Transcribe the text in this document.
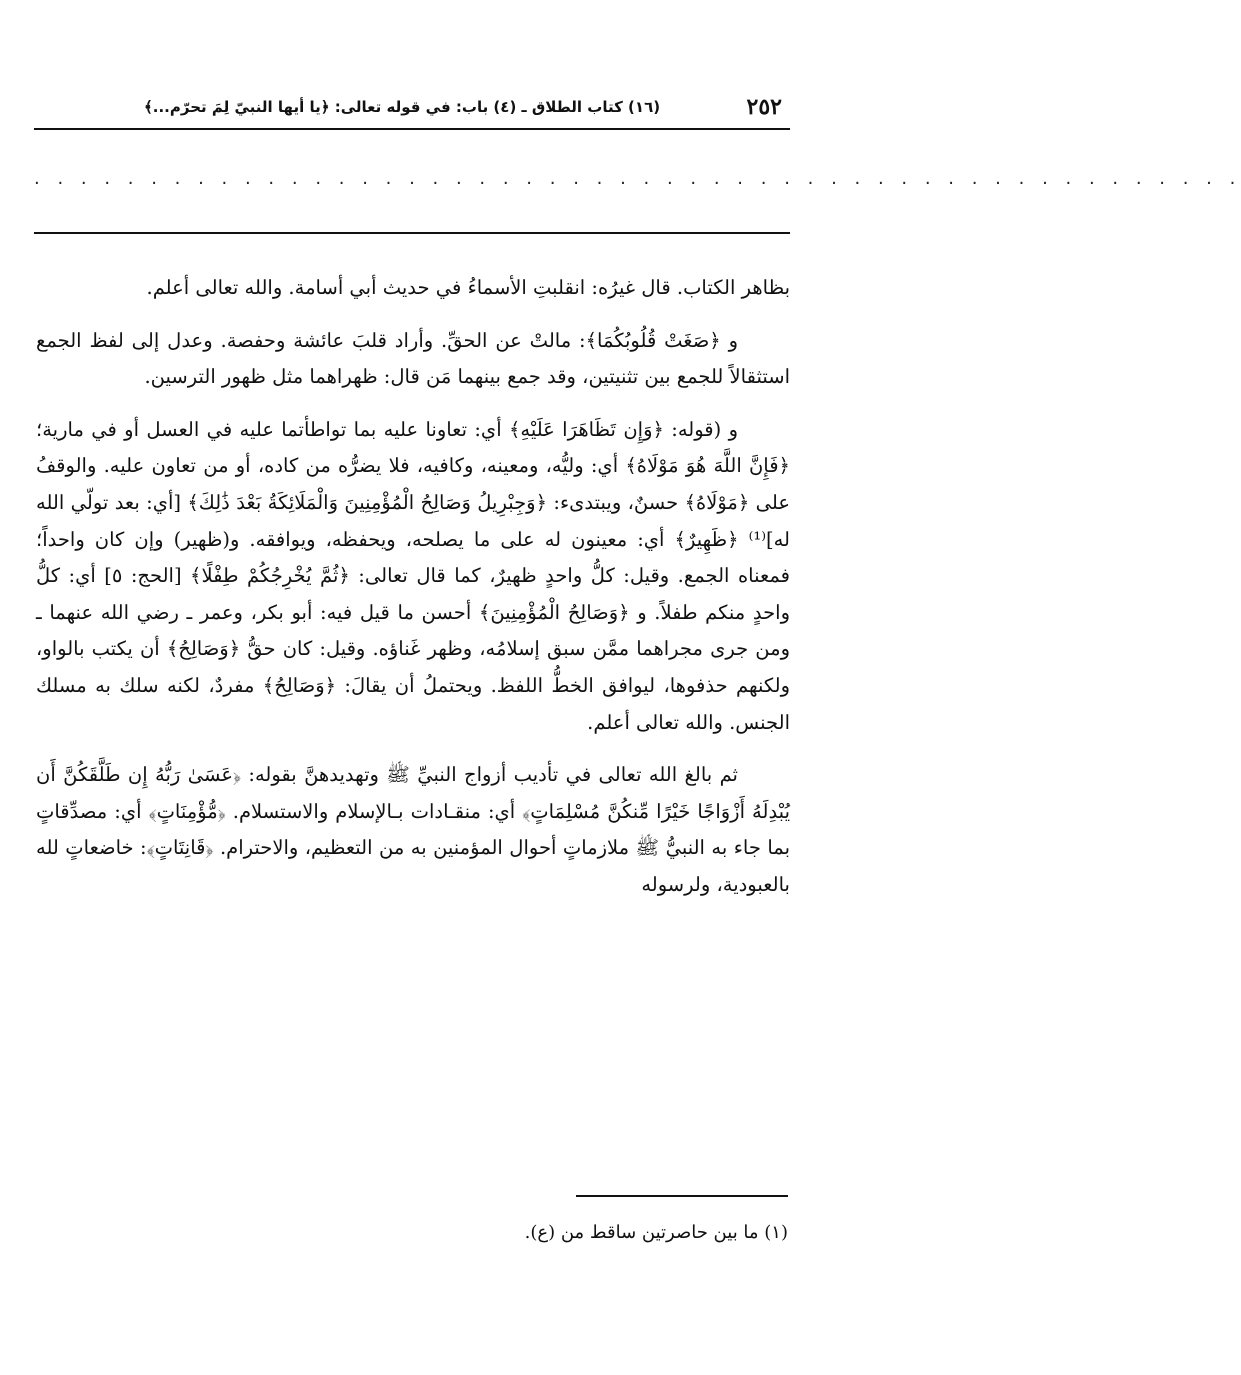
٢٥٢
(١٦) كتاب الطلاق ـ (٤) باب: في قوله تعالى: ﴿يا أيها النبيّ لِمَ تحرّم...﴾
. . . . . . . . . . . . . . . . . . . . . . . . . . . . . . . . . . . . . . . . . . . . . . . . . . . .

بظاهر الكتاب. قال غيرُه: انقلبتِ الأسماءُ في حديث أبي أسامة. والله تعالى أعلم.

و ﴿صَغَتْ قُلُوبُكُمَا﴾: مالتْ عن الحقِّ. وأراد قلبَ عائشة وحفصة. وعدل إلى لفظ الجمع استثقالاً للجمع بين تثنيتين، وقد جمع بينهما مَن قال: ظهراهما مثل ظهور الترسين.

و (قوله: ﴿وَإِن تَظَاهَرَا عَلَيْهِ﴾ أي: تعاونا عليه بما تواطأتما عليه في العسل أو في مارية؛ ﴿فَإِنَّ اللَّهَ هُوَ مَوْلَاهُ﴾ أي: وليُّه، ومعينه، وكافيه، فلا يضرُّه من كاده، أو من تعاون عليه. والوقفُ على ﴿مَوْلَاهُ﴾ حسنٌ، ويبتدىء: ﴿وَجِبْرِيلُ وَصَالِحُ الْمُؤْمِنِينَ وَالْمَلَائِكَةُ بَعْدَ ذَٰلِكَ﴾ [أي: بعد تولّي الله له]⁽¹⁾ ﴿ظَهِيرٌ﴾ أي: معينون له على ما يصلحه، ويحفظه، ويوافقه. و(ظهير) وإن كان واحداً؛ فمعناه الجمع. وقيل: كلُّ واحدٍ ظهيرٌ، كما قال تعالى: ﴿ثُمَّ يُخْرِجُكُمْ طِفْلًا﴾ [الحج: ٥] أي: كلُّ واحدٍ منكم طفلاً. و ﴿وَصَالِحُ الْمُؤْمِنِينَ﴾ أحسن ما قيل فيه: أبو بكر، وعمر ـ رضي الله عنهما ـ ومن جرى مجراهما ممَّن سبق إسلامُه، وظهر غَناؤه. وقيل: كان حقُّ ﴿وَصَالِحُ﴾ أن يكتب بالواو، ولكنهم حذفوها، ليوافق الخطُّ اللفظ. ويحتملُ أن يقالَ: ﴿وَصَالِحُ﴾ مفردٌ، لكنه سلك به مسلك الجنس. والله تعالى أعلم.

ثم بالغ الله تعالى في تأديب أزواج النبيِّ ﷺ وتهديدهنَّ بقوله: ﴿عَسَىٰ رَبُّهُ إِن طَلَّقَكُنَّ أَن يُبْدِلَهُ أَزْوَاجًا خَيْرًا مِّنكُنَّ مُسْلِمَاتٍ﴾ أي: منقـادات بـالإسلام والاستسلام. ﴿مُّؤْمِنَاتٍ﴾ أي: مصدِّقاتٍ بما جاء به النبيُّ ﷺ ملازماتٍ أحوال المؤمنين به من التعظيم، والاحترام. ﴿قَانِتَاتٍ﴾: خاضعاتٍ لله بالعبودية، ولرسوله

(١) ما بين حاصرتين ساقط من (ع).
